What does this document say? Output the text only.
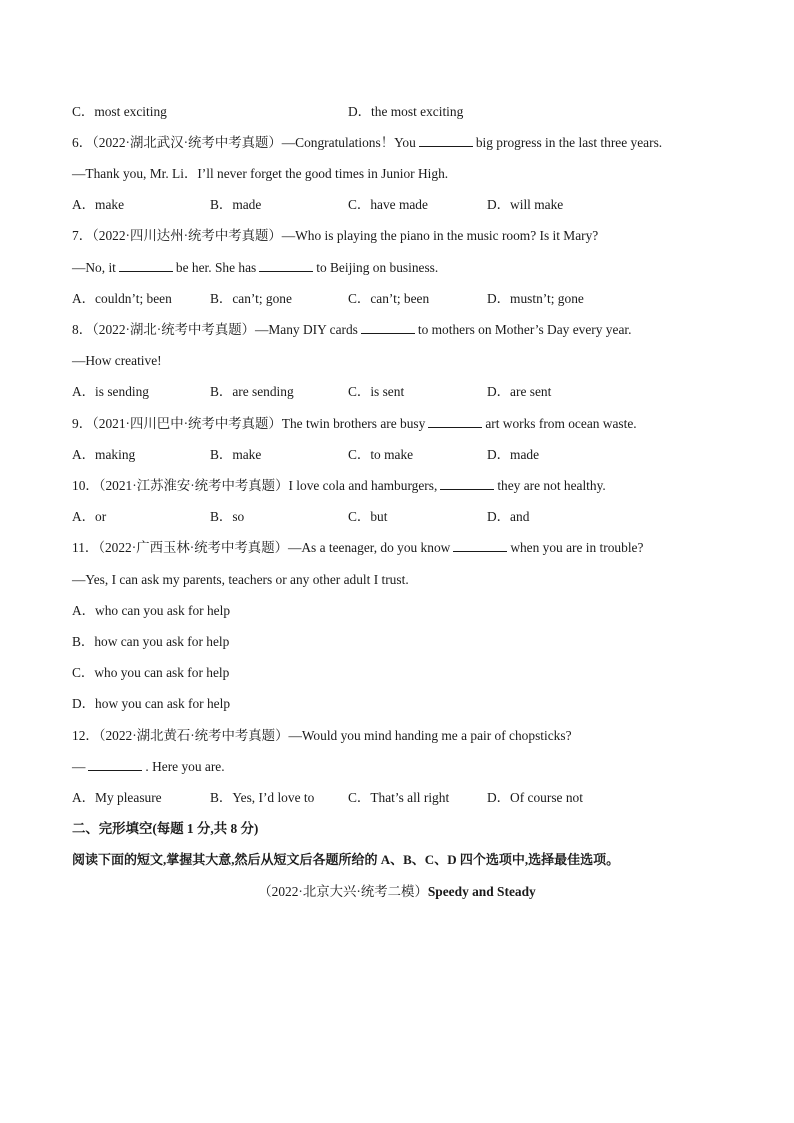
C．most exciting	D．the most exciting
6．（2022·湖北武汉·统考中考真题）—Congratulations！You	big progress in the last three years.
—Thank you, Mr. Li．I’ll never forget the good times in Junior High.
A．make	B．made	C．have made	D．will make
7．（2022·四川达州·统考中考真题）—Who is playing the piano in the music room? Is it Mary?
—No, it	be her. She has	to Beijing on business.
A．couldn’t; been	B．can’t; gone	C．can’t; been	D．mustn’t; gone
8．（2022·湖北·统考中考真题）—Many DIY cards	to mothers on Mother’s Day every year.
—How creative!
A．is sending	B．are sending	C．is sent	D．are sent
9．（2021·四川巴中·统考中考真题）The twin brothers are busy	art works from ocean waste.
A．making	B．make	C．to make	D．made
10．（2021·江苏淮安·统考中考真题）I love cola and hamburgers,	they are not healthy.
A．or	B．so	C．but	D．and
11．（2022·广西玉林·统考中考真题）—As a teenager, do you know	when you are in trouble?
—Yes, I can ask my parents, teachers or any other adult I trust.
A．who can you ask for help
B．how can you ask for help
C．who you can ask for help
D．how you can ask for help
12．（2022·湖北黄石·统考中考真题）—Would you mind handing me a pair of chopsticks?
—	. Here you are.
A．My pleasure	B．Yes, I’d love to	C．That’s all right	D．Of course not
二、完形填空(每题 1 分,共 8 分)
阅读下面的短文,掌握其大意,然后从短文后各题所给的 A、B、C、D 四个选项中,选择最佳选项。
（2022·北京大兴·统考二模）Speedy and Steady
